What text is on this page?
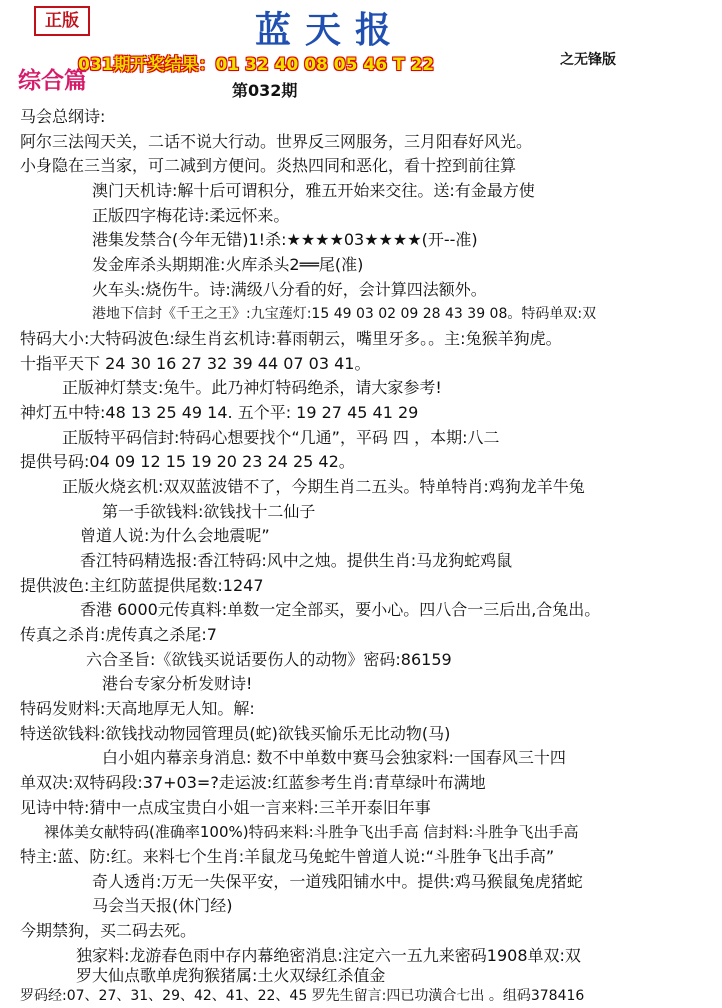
正版	蓝天报
031期开奖结果：01 32 40 08 05 46 T 22	之无锋版
综合篇	第032期
马会总纲诗:
阿尔三法闯天关，二话不说大行动。世界反三网服务，三月阳春好风光。
小身隐在三当家，可二减到方便问。炎热四同和恶化，看十控到前往算
澳门天机诗:解十后可谓积分，雅五开始来交往。送:有金最方使
正版四字梅花诗:柔远怀来。
港集发禁合(今年无错)1!杀:★★★★03★★★★(开--准)
发金库杀头期期准:火库杀头2══尾(准)
火车头:烧伤牛。诗:满级八分看的好，会计算四法额外。
港地下信封《千王之王》:九宝莲灯:15 49 03 02 09 28 43 39 08。特码单双:双
特码大小:大特码波色:绿生肖玄机诗:暮雨朝云，嘴里牙多。。主:兔猴羊狗虎。
十指平天下 24 30 16 27 32 39 44 07 03 41。
正版神灯禁支:兔牛。此乃神灯特码绝杀，请大家参考!
神灯五中特:48 13 25 49 14. 五个平: 19 27 45 41 29
正版特平码信封:特码心想要找个“几通”，平码 四 ，本期:八二
提供号码:04 09 12 15 19 20 23 24 25 42。
正版火烧玄机:双双蓝波错不了，今期生肖二五头。特单特肖:鸡狗龙羊牛兔
第一手欲钱料:欲钱找十二仙子
曾道人说:为什么会地震呢”
香江特码精选报:香江特码:风中之烛。提供生肖:马龙狗蛇鸡鼠
提供波色:主红防蓝提供尾数:1247
香港 6000元传真料:单数一定全部买，要小心。四八合一三后出,合兔出。
传真之杀肖:虎传真之杀尾:7
六合圣旨:《欲钱买说话要伤人的动物》密码:86159
港台专家分析发财诗!
特码发财料:天高地厚无人知。解:
特送欲钱料:欲钱找动物园管理员(蛇)欲钱买愉乐无比动物(马)
白小姐内幕亲身消息: 数不中单数中赛马会独家料:一国春风三十四
单双决:双特码段:37+03=?走运波:红蓝参考生肖:青草绿叶布满地
见诗中特:猜中一点成宝贵白小姐一言来料:三羊开泰旧年事
裸体美女献特码(准确率100%)特码来料:斗胜争飞出手高 信封料:斗胜争飞出手高
特主:蓝、防:红。来料七个生肖:羊鼠龙马兔蛇牛曾道人说:“斗胜争飞出手高”
奇人透肖:万无一失保平安，一道残阳铺水中。提供:鸡马猴鼠兔虎猪蛇
马会当天报(休门经)
今期禁狗，买二码去死。
独家料:龙游春色雨中存内幕绝密消息:注定六一五九来密码1908单双:双
罗大仙点歌单虎狗猴猪属:土火双绿红杀值金
罗码经:07、27、31、29、42、41、22、45 罗先生留言:四已功潢合七出 。组码378416
